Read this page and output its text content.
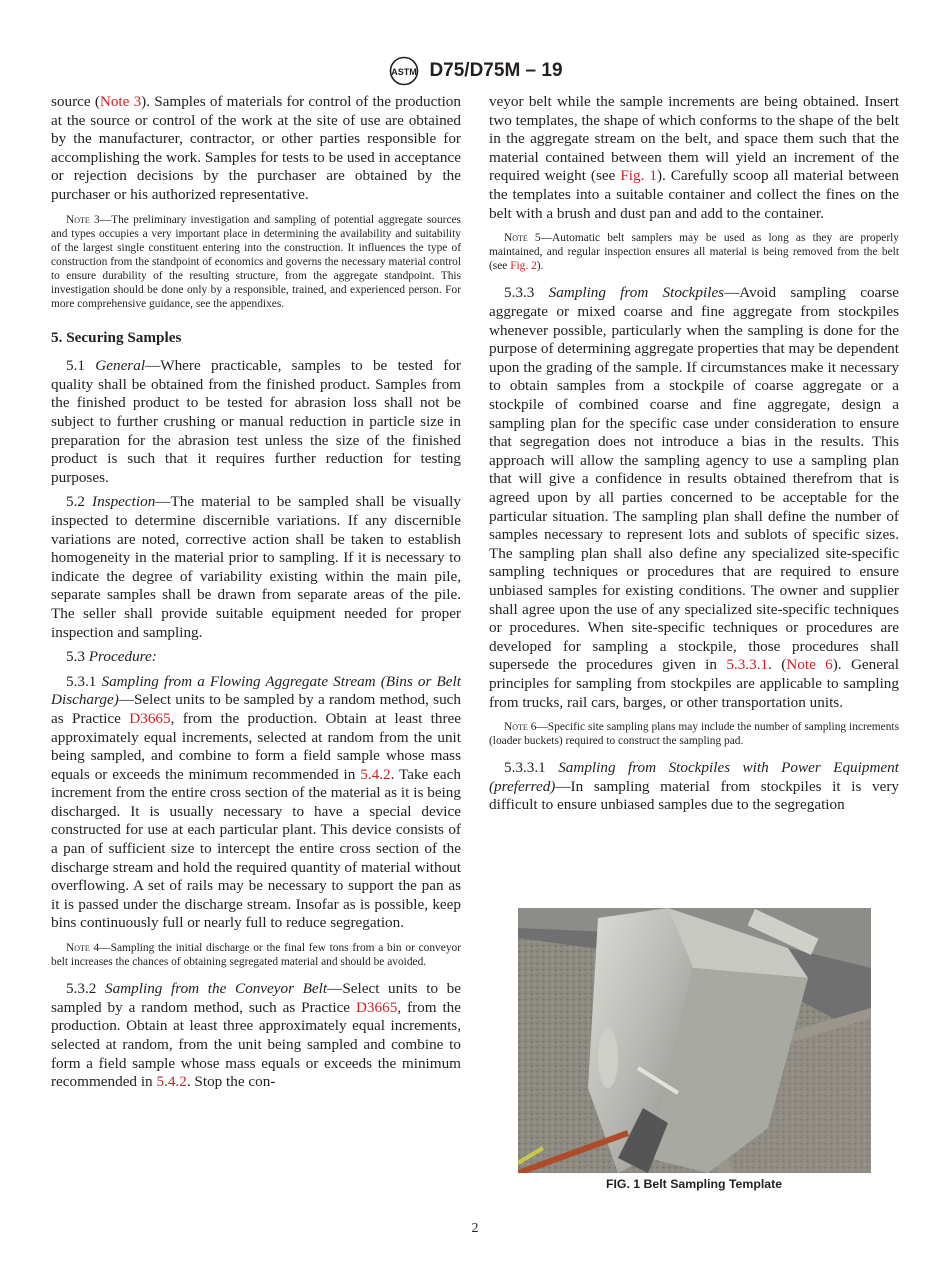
ASTM D75/D75M – 19

source (Note 3). Samples of materials for control of the production at the source or control of the work at the site of use are obtained by the manufacturer, contractor, or other parties responsible for accomplishing the work. Samples for tests to be used in acceptance or rejection decisions by the purchaser are obtained by the purchaser or his authorized representative.

Note 3—The preliminary investigation and sampling of potential aggregate sources and types occupies a very important place in determining the availability and suitability of the largest single constituent entering into the construction. It influences the type of construction from the standpoint of economics and governs the necessary material control to ensure durability of the resulting structure, from the aggregate standpoint. This investigation should be done only by a responsible, trained, and experienced person. For more comprehensive guidance, see the appendixes.

5. Securing Samples

5.1 General—Where practicable, samples to be tested for quality shall be obtained from the finished product. Samples from the finished product to be tested for abrasion loss shall not be subject to further crushing or manual reduction in particle size in preparation for the abrasion test unless the size of the finished product is such that it requires further reduction for testing purposes.

5.2 Inspection—The material to be sampled shall be visually inspected to determine discernible variations. If any discernible variations are noted, corrective action shall be taken to establish homogeneity in the material prior to sampling. If it is necessary to indicate the degree of variability existing within the main pile, separate samples shall be drawn from separate areas of the pile. The seller shall provide suitable equipment needed for proper inspection and sampling.

5.3 Procedure:

5.3.1 Sampling from a Flowing Aggregate Stream (Bins or Belt Discharge)—Select units to be sampled by a random method, such as Practice D3665, from the production. Obtain at least three approximately equal increments, selected at random from the unit being sampled, and combine to form a field sample whose mass equals or exceeds the minimum recommended in 5.4.2. Take each increment from the entire cross section of the material as it is being discharged. It is usually necessary to have a special device constructed for use at each particular plant. This device consists of a pan of sufficient size to intercept the entire cross section of the discharge stream and hold the required quantity of material without overflowing. A set of rails may be necessary to support the pan as it is passed under the discharge stream. Insofar as is possible, keep bins continuously full or nearly full to reduce segregation.

Note 4—Sampling the initial discharge or the final few tons from a bin or conveyor belt increases the chances of obtaining segregated material and should be avoided.

5.3.2 Sampling from the Conveyor Belt—Select units to be sampled by a random method, such as Practice D3665, from the production. Obtain at least three approximately equal increments, selected at random, from the unit being sampled and combine to form a field sample whose mass equals or exceeds the minimum recommended in 5.4.2. Stop the con-

veyor belt while the sample increments are being obtained. Insert two templates, the shape of which conforms to the shape of the belt in the aggregate stream on the belt, and space them such that the material contained between them will yield an increment of the required weight (see Fig. 1). Carefully scoop all material between the templates into a suitable container and collect the fines on the belt with a brush and dust pan and add to the container.

Note 5—Automatic belt samplers may be used as long as they are properly maintained, and regular inspection ensures all material is being removed from the belt (see Fig. 2).

5.3.3 Sampling from Stockpiles—Avoid sampling coarse aggregate or mixed coarse and fine aggregate from stockpiles whenever possible, particularly when the sampling is done for the purpose of determining aggregate properties that may be dependent upon the grading of the sample. If circumstances make it necessary to obtain samples from a stockpile of coarse aggregate or a stockpile of combined coarse and fine aggregate, design a sampling plan for the specific case under consideration to ensure that segregation does not introduce a bias in the results. This approach will allow the sampling agency to use a sampling plan that will give a confidence in results obtained therefrom that is agreed upon by all parties concerned to be acceptable for the particular situation. The sampling plan shall define the number of samples necessary to represent lots and sublots of specific sizes. The sampling plan shall also define any specialized site-specific sampling techniques or procedures that are required to ensure unbiased samples for existing conditions. The owner and supplier shall agree upon the use of any specialized site-specific techniques or procedures. When site-specific techniques or procedures are developed for sampling a stockpile, those procedures shall supersede the procedures given in 5.3.3.1. (Note 6). General principles for sampling from stockpiles are applicable to sampling from trucks, rail cars, barges, or other transportation units.

Note 6—Specific site sampling plans may include the number of sampling increments (loader buckets) required to construct the sampling pad.

5.3.3.1 Sampling from Stockpiles with Power Equipment (preferred)—In sampling material from stockpiles it is very difficult to ensure unbiased samples due to the segregation

FIG. 1 Belt Sampling Template
2
